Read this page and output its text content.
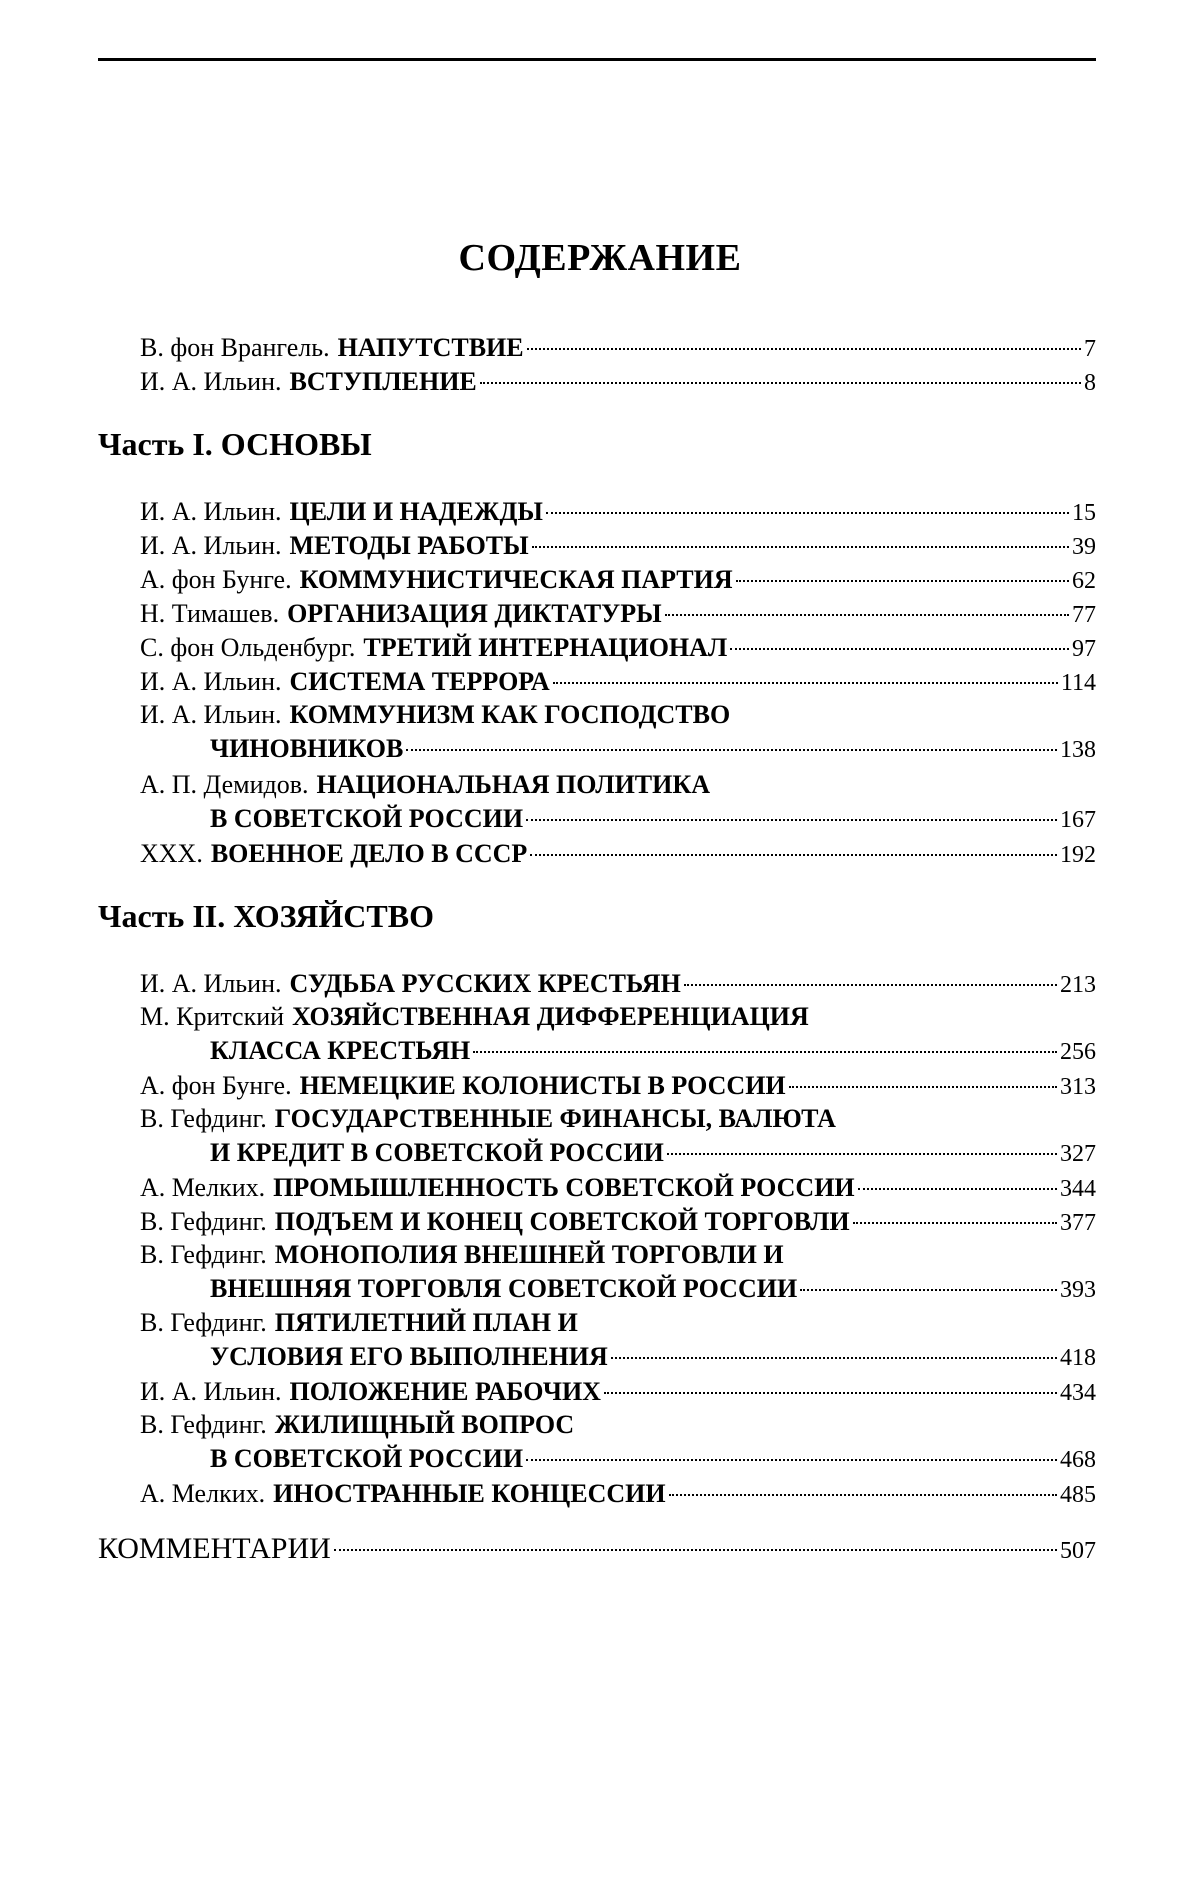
СОДЕРЖАНИЕ
В. фон Врангель. НАПУТСТВИЕ	7
И. А. Ильин. ВСТУПЛЕНИЕ	8
Часть I. ОСНОВЫ
И. А. Ильин. ЦЕЛИ И НАДЕЖДЫ	15
И. А. Ильин. МЕТОДЫ РАБОТЫ	39
А. фон Бунге. КОММУНИСТИЧЕСКАЯ ПАРТИЯ	62
Н. Тимашев. ОРГАНИЗАЦИЯ ДИКТАТУРЫ	77
С. фон Ольденбург. ТРЕТИЙ ИНТЕРНАЦИОНАЛ	97
И. А. Ильин. СИСТЕМА ТЕРРОРА	114
И. А. Ильин. КОММУНИЗМ КАК ГОСПОДСТВО
ЧИНОВНИКОВ	138
А. П. Демидов. НАЦИОНАЛЬНАЯ ПОЛИТИКА
В СОВЕТСКОЙ РОССИИ	167
XXX. ВОЕННОЕ ДЕЛО В СССР	192
Часть II. ХОЗЯЙСТВО
И. А. Ильин. СУДЬБА РУССКИХ КРЕСТЬЯН	213
М. Критский ХОЗЯЙСТВЕННАЯ ДИФФЕРЕНЦИАЦИЯ
КЛАССА КРЕСТЬЯН	256
А. фон Бунге. НЕМЕЦКИЕ КОЛОНИСТЫ В РОССИИ	313
В. Гефдинг. ГОСУДАРСТВЕННЫЕ ФИНАНСЫ, ВАЛЮТА
И КРЕДИТ В СОВЕТСКОЙ РОССИИ	327
А. Мелких. ПРОМЫШЛЕННОСТЬ СОВЕТСКОЙ РОССИИ	344
В. Гефдинг. ПОДЪЕМ И КОНЕЦ СОВЕТСКОЙ ТОРГОВЛИ	377
В. Гефдинг. МОНОПОЛИЯ ВНЕШНЕЙ ТОРГОВЛИ И
ВНЕШНЯЯ ТОРГОВЛЯ СОВЕТСКОЙ РОССИИ	393
В. Гефдинг. ПЯТИЛЕТНИЙ ПЛАН И
УСЛОВИЯ ЕГО ВЫПОЛНЕНИЯ	418
И. А. Ильин. ПОЛОЖЕНИЕ РАБОЧИХ	434
В. Гефдинг. ЖИЛИЩНЫЙ ВОПРОС
В СОВЕТСКОЙ РОССИИ	468
А. Мелких. ИНОСТРАННЫЕ КОНЦЕССИИ	485
КОММЕНТАРИИ	507
